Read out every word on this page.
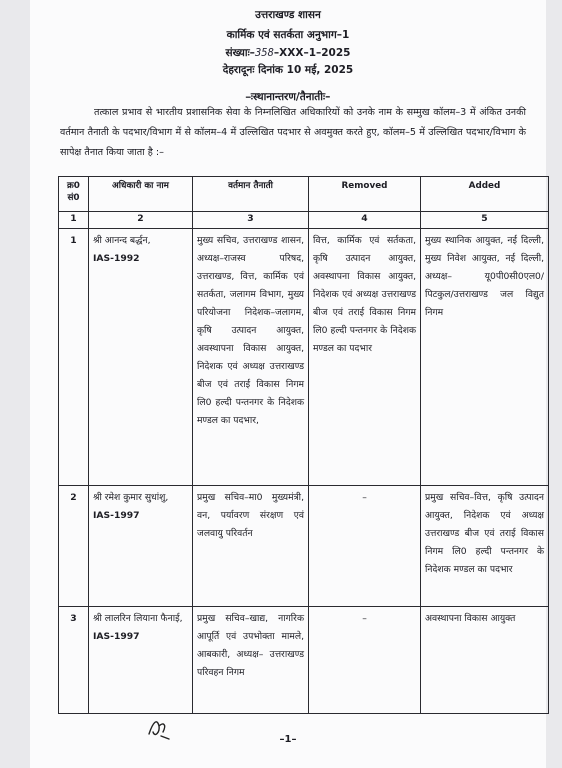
उत्तराखण्ड शासन
कार्मिक एवं सतर्कता अनुभाग–1
संख्याः–358–XXX–1–2025
देहरादूनः दिनांक 10 मई, 2025
–ःस्थानान्तरण/तैनातीः–
तत्काल प्रभाव से भारतीय प्रशासनिक सेवा के निम्नलिखित अधिकारियों को उनके नाम के सम्मुख कॉलम–3 में अंकित उनकी वर्तमान तैनाती के पदभार/विभाग में से कॉलम–4 में उल्लिखित पदभार से अवमुक्त करते हुए, कॉलम–5 में उल्लिखित पदभार/विभाग के सापेक्ष तैनात किया जाता है :–
क्र0 सं0	अधिकारी का नाम	वर्तमान तैनाती	Removed	Added
1	2	3	4	5
1	श्री आनन्द बर्द्धन,
IAS-1992	मुख्य सचिव, उत्तराखण्ड शासन, अध्यक्ष–राजस्व परिषद, उत्तराखण्ड, वित्त, कार्मिक एवं सतर्कता, जलागम विभाग, मुख्य परियोजना निदेशक–जलागम, कृषि उत्पादन आयुक्त, अवस्थापना विकास आयुक्त, निदेशक एवं अध्यक्ष उत्तराखण्ड बीज एवं तराई विकास निगम लि0 हल्दी पन्तनगर के निदेशक मण्डल का पदभार,	वित्त, कार्मिक एवं सर्तकता, कृषि उत्पादन आयुक्त, अवस्थापना विकास आयुक्त, निदेशक एवं अध्यक्ष उत्तराखण्ड बीज एवं तराई विकास निगम लि0 हल्दी पन्तनगर के निदेशक मण्डल का पदभार	मुख्य स्थानिक आयुक्त, नई दिल्ली, मुख्य निवेश आयुक्त, नई दिल्ली, अध्यक्ष– यू0पी0सी0एल0/ पिटकुल/उत्तराखण्ड जल विद्युत निगम
2	श्री रमेश कुमार सुधांशु,
IAS-1997	प्रमुख सचिव–मा0 मुख्यमंत्री, वन, पर्यावरण संरक्षण एवं जलवायु परिवर्तन	–	प्रमुख सचिव–वित्त, कृषि उत्पादन आयुक्त, निदेशक एवं अध्यक्ष उत्तराखण्ड बीज एवं तराई विकास निगम लि0 हल्दी पन्तनगर के निदेशक मण्डल का पदभार
3	श्री लालरिन लियाना फैनाई,
IAS-1997	प्रमुख सचिव–खाद्य, नागरिक आपूर्ति एवं उपभोक्ता मामले, आबकारी, अध्यक्ष– उत्तराखण्ड परिवहन निगम	–	अवस्थापना विकास आयुक्त
–1–
